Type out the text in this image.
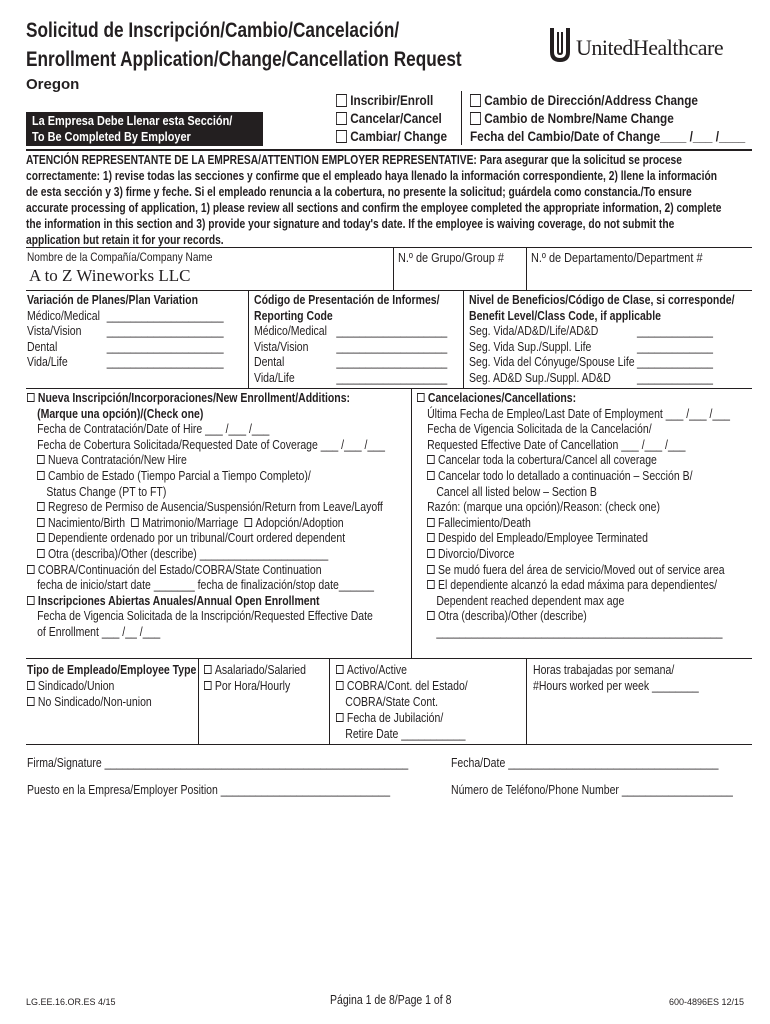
Solicitud de Inscripción/Cambio/Cancelación/
Enrollment Application/Change/Cancellation Request
Oregon
UnitedHealthcare
La Empresa Debe Llenar esta Sección/
To Be Completed By Employer
Inscribir/Enroll
Cancelar/Cancel
Cambiar/ Change
Cambio de Dirección/Address Change
Cambio de Nombre/Name Change
Fecha del Cambio/Date of Change____ /___ /____
ATENCIÓN REPRESENTANTE DE LA EMPRESA/ATTENTION EMPLOYER REPRESENTATIVE: Para asegurar que la solicitud se procese
correctamente: 1) revise todas las secciones y confirme que el empleado haya llenado la información correspondiente, 2) llene la información
de esta sección y 3) firme y feche. Si el empleado renuncia a la cobertura, no presente la solicitud; guárdela como constancia./To ensure
accurate processing of application, 1) please review all sections and confirm the employee completed the appropriate information, 2) complete
the information in this section and 3) provide your signature and today's date. If the employee is waiving coverage, do not submit the
application but retain it for your records.
Nombre de la Compañía/Company Name
A to Z Wineworks LLC
N.º de Grupo/Group # N.º de Departamento/Department #
Variación de Planes/Plan Variation
Médico/Medical ____________________
Vista/Vision ____________________
Dental	____________________
Vida/Life	____________________
Código de Presentación de Informes/
Reporting Code
Médico/Medical ___________________
Vista/Vision ___________________
Dental	___________________
Vida/Life	___________________
Nivel de Beneficios/Código de Clase, si corresponde/
Benefit Level/Class Code, if applicable
Seg. Vida/AD&D/Life/AD&D	_____________
Seg. Vida Sup./Suppl. Life	_____________
Seg. Vida del Cónyuge/Spouse Life _____________
Seg. AD&D Sup./Suppl. AD&D _____________
Nueva Inscripción/Incorporaciones/New Enrollment/Additions:
(Marque una opción)/(Check one)
Fecha de Contratación/Date of Hire ___ /___ /___
Fecha de Cobertura Solicitada/Requested Date of Coverage ___ /___ /___
Nueva Contratación/New Hire
Cambio de Estado (Tiempo Parcial a Tiempo Completo)/
Status Change (PT to FT)
Regreso de Permiso de Ausencia/Suspensión/Return from Leave/Layoff
Nacimiento/Birth Matrimonio/Marriage Adopción/Adoption
Dependiente ordenado por un tribunal/Court ordered dependent
Otra (describa)/Other (describe) ______________________
COBRA/Continuación del Estado/COBRA/State Continuation
fecha de inicio/start date _______ fecha de finalización/stop date______
Inscripciones Abiertas Anuales/Annual Open Enrollment
Fecha de Vigencia Solicitada de la Inscripción/Requested Effective Date
of Enrollment ___ /__ /___
Cancelaciones/Cancellations:
Última Fecha de Empleo/Last Date of Employment ___ /___ /___
Fecha de Vigencia Solicitada de la Cancelación/
Requested Effective Date of Cancellation ___ /___ /___
Cancelar toda la cobertura/Cancel all coverage
Cancelar todo lo detallado a continuación – Sección B/
Cancel all listed below – Section B
Razón: (marque una opción)/Reason: (check one)
Fallecimiento/Death
Despido del Empleado/Employee Terminated
Divorcio/Divorce
Se mudó fuera del área de servicio/Moved out of service area
El dependiente alcanzó la edad máxima para dependientes/
Dependent reached dependent max age
Otra (describa)/Other (describe)
_________________________________________________
Tipo de Empleado/Employee Type
Sindicado/Union
No Sindicado/Non-union
Asalariado/Salaried
Por Hora/Hourly
Activo/Active
COBRA/Cont. del Estado/
COBRA/State Cont.
Fecha de Jubilación/
Retire Date ___________
Horas trabajadas por semana/
#Hours worked per week ________
Firma/Signature ____________________________________________________	Fecha/Date ____________________________________
Puesto en la Empresa/Employer Position _____________________________	Número de Teléfono/Phone Number ___________________
LG.EE.16.OR.ES 4/15	Página 1 de 8/Page 1 of 8	600-4896ES 12/15
